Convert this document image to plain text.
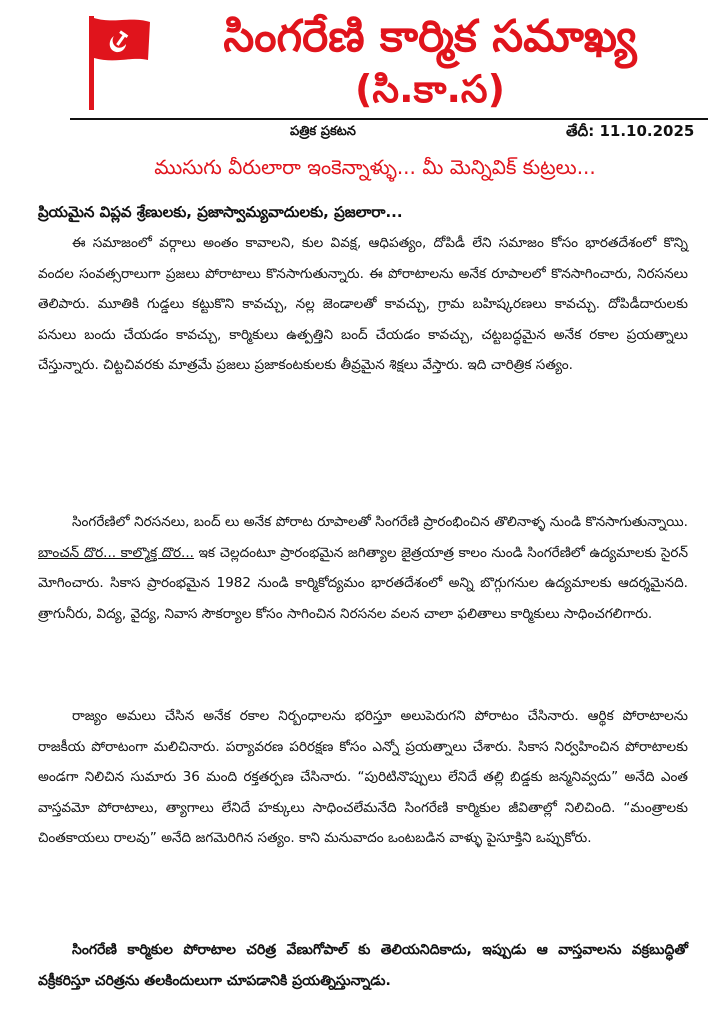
సింగరేణి కార్మిక సమాఖ్య
(సి.కా.స)
పత్రిక ప్రకటన	తేదీ: 11.10.2025
ముసుగు వీరులారా ఇంకెన్నాళ్ళు... మీ మెన్నివిక్ కుట్రలు...
ప్రియమైన విప్లవ శ్రేణులకు, ప్రజాస్వామ్యవాదులకు, ప్రజలారా...

ఈ సమాజంలో వర్గాలు అంతం కావాలని, కుల వివక్ష, ఆధిపత్యం, దోపిడీ లేని సమాజం కోసం భారతదేశంలో కొన్ని వందల సంవత్సరాలుగా ప్రజలు పోరాటాలు కొనసాగుతున్నారు. ఈ పోరాటాలను అనేక రూపాలలో కొనసాగించారు, నిరసనలు తెలిపారు. మూతికి గుడ్డలు కట్టుకొని కావచ్చు, నల్ల జెండాలతో కావచ్చు, గ్రామ బహిష్కరణలు కావచ్చు. దోపిడీదారులకు పనులు బందు చేయడం కావచ్చు, కార్మికులు ఉత్పత్తిని బంద్ చేయడం కావచ్చు, చట్టబద్ధమైన అనేక రకాల ప్రయత్నాలు చేస్తున్నారు. చిట్టచివరకు మాత్రమే ప్రజలు ప్రజాకంటకులకు తీవ్రమైన శిక్షలు వేస్తారు. ఇది చారిత్రిక సత్యం.

సింగరేణిలో నిరసనలు, బంద్ లు అనేక పోరాట రూపాలతో సింగరేణి ప్రారంభించిన తొలినాళ్ళ నుండి కొనసాగుతున్నాయి. బాంచన్ దొర... కాల్మొక్త దొర... ఇక చెల్లదంటూ ప్రారంభమైన జగిత్యాల జైత్రయాత్ర కాలం నుండి సింగరేణిలో ఉద్యమాలకు సైరన్ మోగించారు. సికాస ప్రారంభమైన 1982 నుండి కార్మికోద్యమం భారతదేశంలో అన్ని బొగ్గుగనుల ఉద్యమాలకు ఆదర్శమైనది. త్రాగునీరు, విద్య, వైద్య, నివాస సౌకర్యాల కోసం సాగించిన నిరసనల వలన చాలా ఫలితాలు కార్మికులు సాధించగలిగారు.

రాజ్యం అమలు చేసిన అనేక రకాల నిర్బంధాలను భరిస్తూ అలుపెరుగని పోరాటం చేసినారు. ఆర్థిక పోరాటాలను రాజకీయ పోరాటంగా మలిచినారు. పర్యావరణ పరిరక్షణ కోసం ఎన్నో ప్రయత్నాలు చేశారు. సికాస నిర్వహించిన పోరాటాలకు అండగా నిలిచిన సుమారు 36 మంది రక్తతర్పణ చేసినారు. “పురిటినొప్పులు లేనిదే తల్లి బిడ్డకు జన్మనివ్వదు” అనేది ఎంత వాస్తవమో పోరాటాలు, త్యాగాలు లేనిదే హక్కులు సాధించలేమనేది సింగరేణి కార్మికుల జీవితాల్లో నిలిచింది. “మంత్రాలకు చింతకాయలు రాలవు” అనేది జగమెరిగిన సత్యం. కాని మనువాదం ఒంటబడిన వాళ్ళు పైసూక్తిని ఒప్పుకోరు.

సింగరేణి కార్మికుల పోరాటాల చరిత్ర వేణుగోపాల్ కు తెలియనిదికాదు, ఇప్పుడు ఆ వాస్తవాలను వక్రబుద్ధితో వక్రీకరిస్తూ చరిత్రను తలకిందులుగా చూపడానికి ప్రయత్నిస్తున్నాడు.
